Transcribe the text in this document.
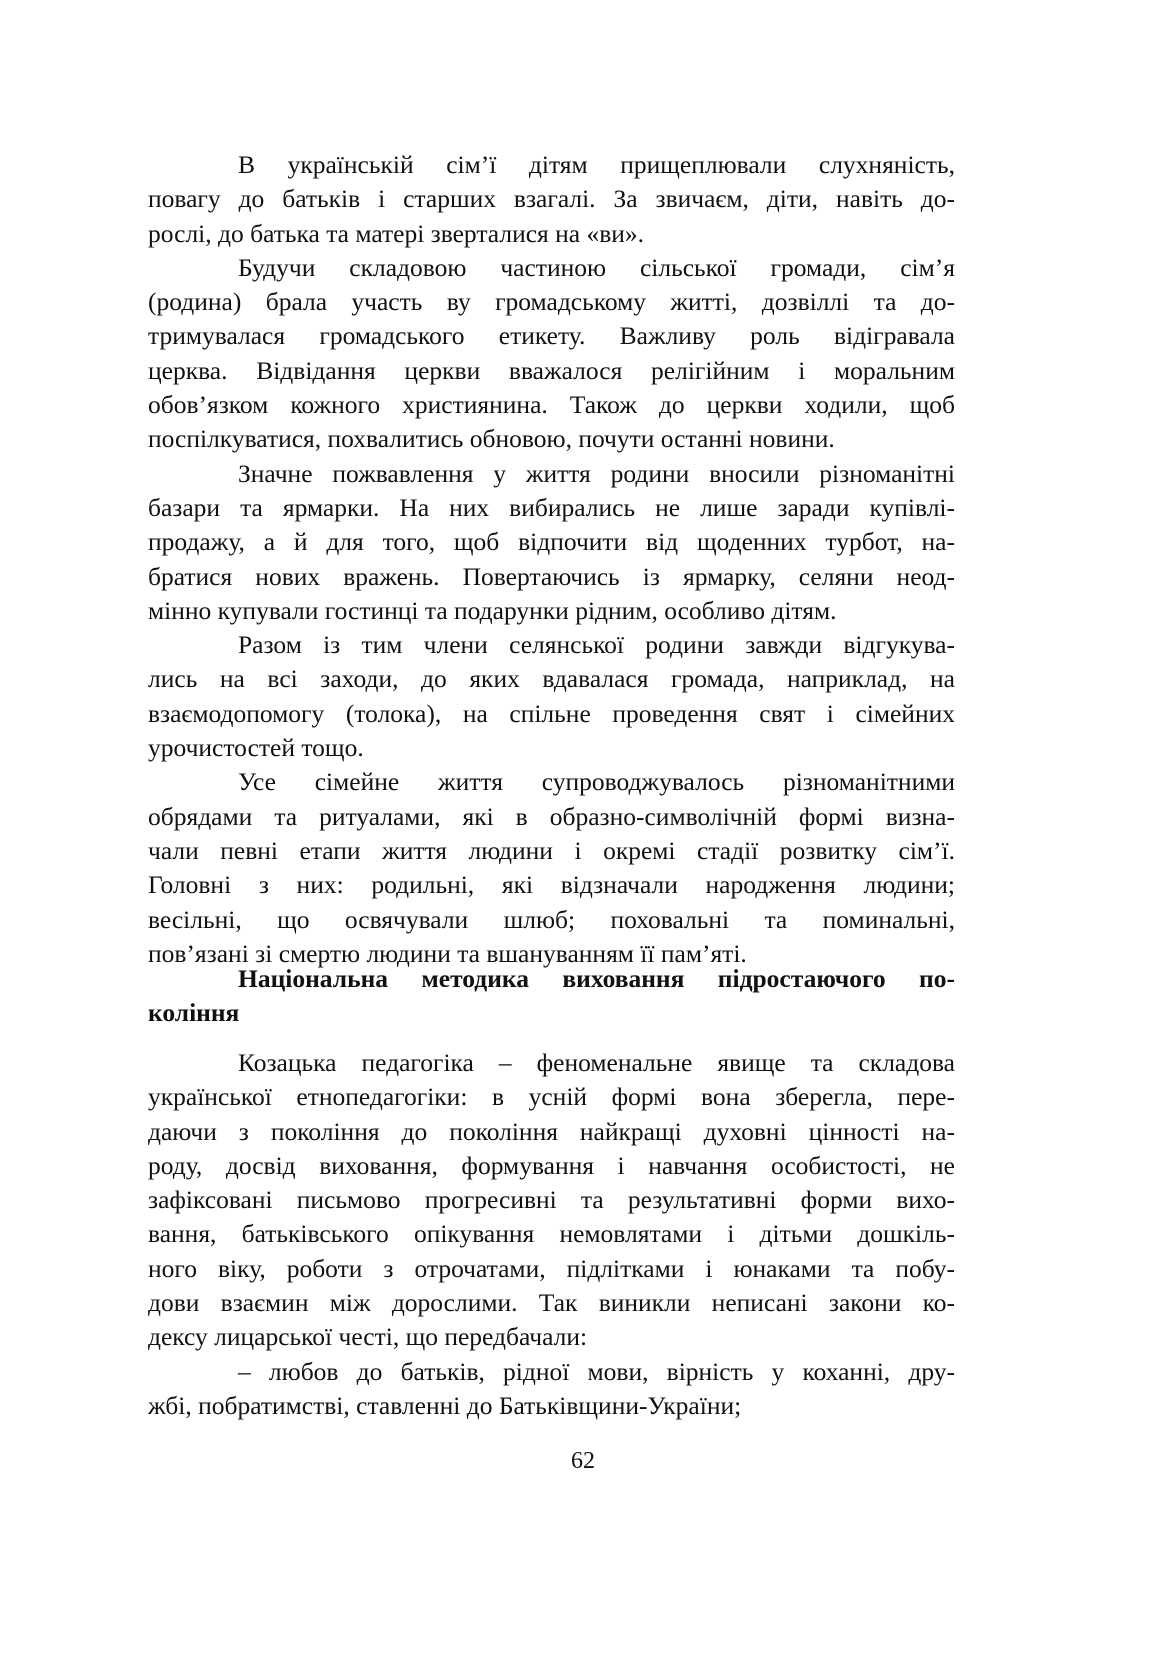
В українській сім’ї дітям прищеплювали слухняність,
повагу до батьків і старших взагалі. За звичаєм, діти, навіть до-
рослі, до батька та матері зверталися на «ви».
Будучи складовою частиною сільської громади, сім’я
(родина) брала участь ву громадському житті, дозвіллі та до-
тримувалася громадського етикету. Важливу роль відігравала
церква. Відвідання церкви вважалося релігійним і моральним
обов’язком кожного християнина. Також до церкви ходили, щоб
поспілкуватися, похвалитись обновою, почути останні новини.
Значне пожвавлення у життя родини вносили різноманітні
базари та ярмарки. На них вибирались не лише заради купівлі-
продажу, а й для того, щоб відпочити від щоденних турбот, на-
братися нових вражень. Повертаючись із ярмарку, селяни неод-
мінно купували гостинці та подарунки рідним, особливо дітям.
Разом із тим члени селянської родини завжди відгукува-
лись на всі заходи, до яких вдавалася громада, наприклад, на
взаємодопомогу (толока), на спільне проведення свят і сімейних
урочистостей тощо.
Усе сімейне життя супроводжувалось різноманітними
обрядами та ритуалами, які в образно-символічній формі визна-
чали певні етапи життя людини і окремі стадії розвитку сім’ї.
Головні з них: родильні, які відзначали народження людини;
весільні, що освячували шлюб; поховальні та поминальні,
пов’язані зі смертю людини та вшануванням її пам’яті.
Національна методика виховання підростаючого по-
коління
Козацька педагогіка – феноменальне явище та складова
української етнопедагогіки: в усній формі вона зберегла, пере-
даючи з покоління до покоління найкращі духовні цінності на-
роду, досвід виховання, формування і навчання особистості, не
зафіксовані письмово прогресивні та результативні форми вихо-
вання, батьківського опікування немовлятами і дітьми дошкіль-
ного віку, роботи з отрочатами, підлітками і юнаками та побу-
дови взаємин між дорослими. Так виникли неписані закони ко-
дексу лицарської честі, що передбачали:
– любов до батьків, рідної мови, вірність у коханні, дру-
жбі, побратимстві, ставленні до Батьківщини-України;
62
